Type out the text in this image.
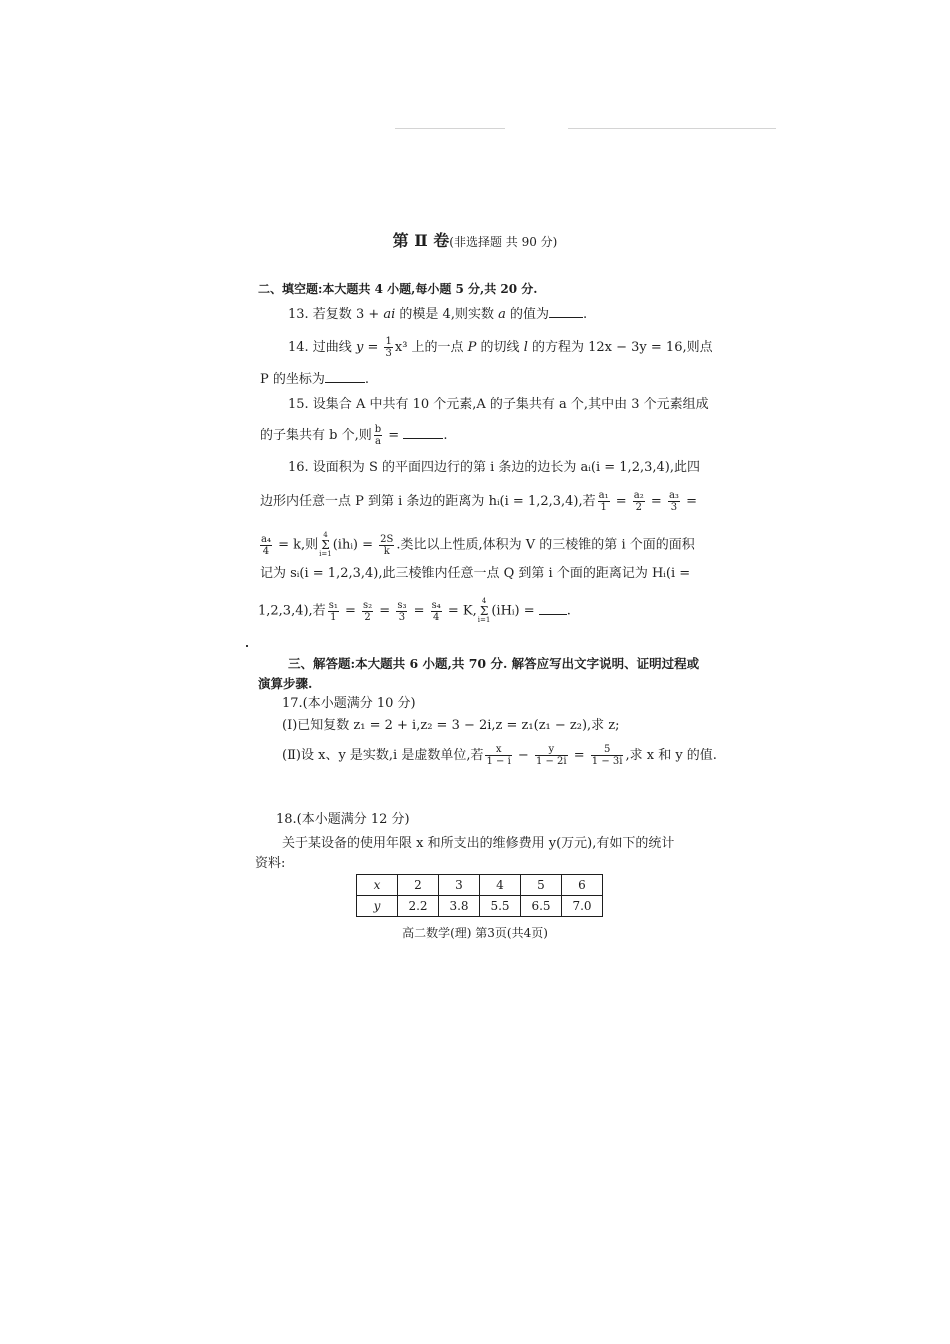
第 Ⅱ 卷(非选择题 共 90 分)
二、填空题:本大题共 4 小题,每小题 5 分,共 20 分.
13. 若复数 3 + ai 的模是 4,则实数 a 的值为	.
14. 过曲线 $y = \frac{1}{3} x^3$ 上的一点 P 的切线 l 的方程为 12x − 3y = 16,则点
P 的坐标为	.
15. 设集合 A 中共有 10 个元素,A 的子集共有 a 个,其中由 3 个元素组成
的子集共有 b 个,则 $\frac{b}{a}$ =	.
16. 设面积为 S 的平面四边行的第 i 条边的边长为 aᵢ(i = 1,2,3,4),此四
边形内任意一点 P 到第 i 条边的距离为 hᵢ(i = 1,2,3,4),若 $\frac{\text{a₁}}{1} = \frac{\text{a₂}}{2} = \frac{\text{a₃}}{3}$ =
$\frac{\text{a₄}}{4} = k$,则4
Σ
i=1(ihᵢ) = $\frac{2S}{k}$ .类比以上性质,体积为 V 的三棱锥的第 i 个面的面积
记为 sᵢ(i = 1,2,3,4),此三棱锥内任意一点 Q 到第 i 个面的距离记为 Hᵢ(i =
1,2,3,4),若 $\frac{\text{s₁}}{1} = \frac{\text{s₂}}{2} = \frac{\text{s₃}}{3} = \frac{\text{s₄}}{4} = K,4$
Σ
i=1(iHᵢ) = .
三、解答题:本大题共 6 小题,共 70 分. 解答应写出文字说明、证明过程或
演算步骤.
17.(本小题满分 10 分)
(Ⅰ)已知复数 z₁ = 2 + i,z₂ = 3 − 2i,z = z₁(z₁ − z₂),求 z;
(Ⅱ)设 x、y 是实数,i 是虚数单位,若 $\frac{x}{1 - i} - \frac{y}{1 - 2i} = \frac{5}{1 - 3i}$ ,求 x 和 y 的值.
18.(本小题满分 12 分)
关于某设备的使用年限 x 和所支出的维修费用 y(万元),有如下的统计
资料:
x	2	3	4	5	6
y	2.2	3.8	5.5	6.5	7.0
高二数学(理) 第3页(共4页)
